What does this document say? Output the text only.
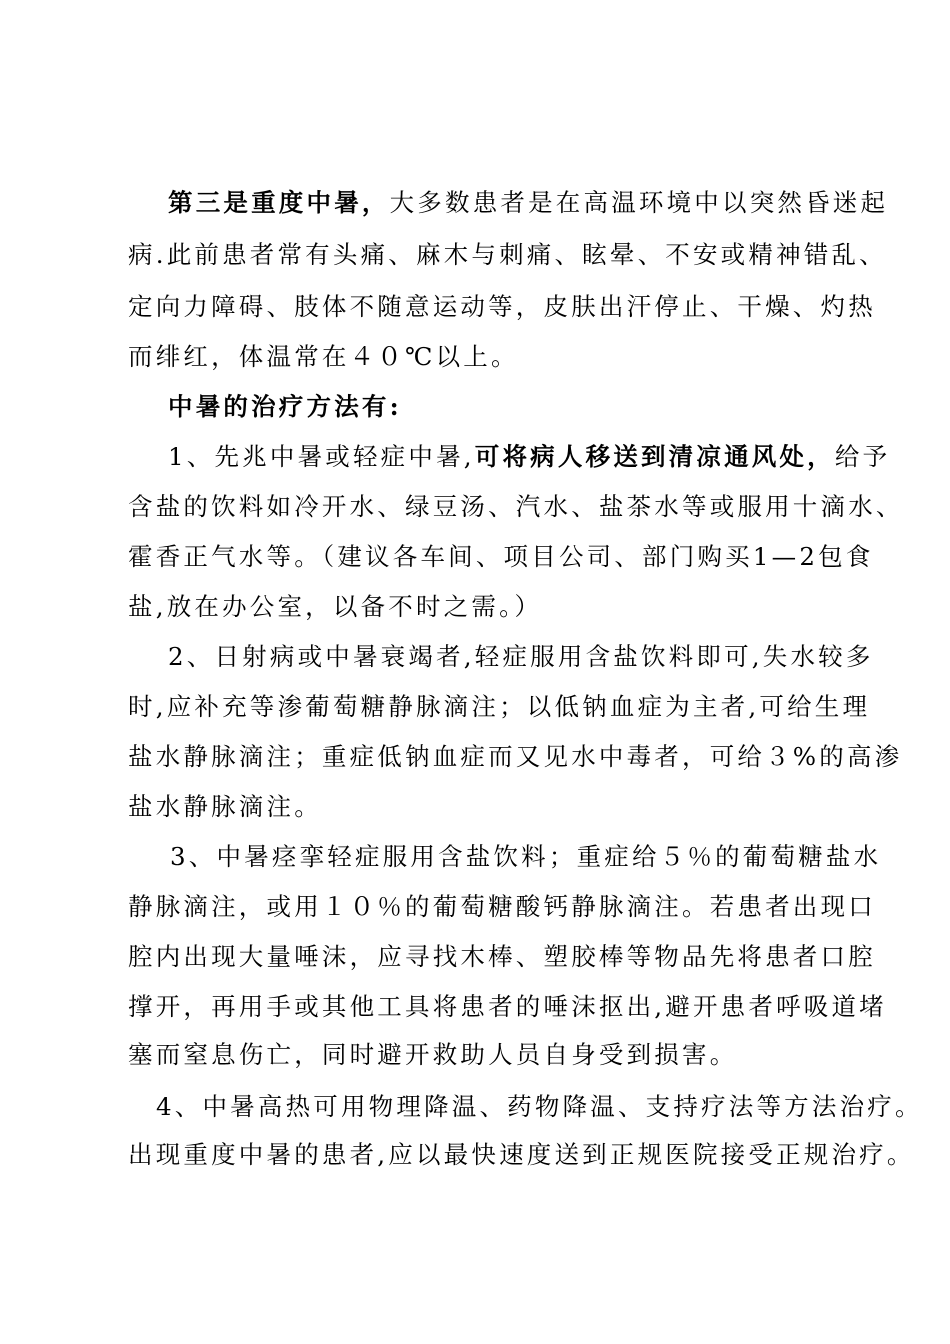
第三是重度中暑，大多数患者是在高温环境中以突然昏迷起
病.此前患者常有头痛、麻木与刺痛、眩晕、不安或精神错乱、
定向力障碍、肢体不随意运动等，皮肤出汗停止、干燥、灼热
而绯红，体温常在４０℃以上。
中暑的治疗方法有:
1、先兆中暑或轻症中暑,可将病人移送到清凉通风处，给予
含盐的饮料如冷开水、绿豆汤、汽水、盐茶水等或服用十滴水、
霍香正气水等。（建议各车间、项目公司、部门购买1—2包食
盐,放在办公室，以备不时之需。）
2、日射病或中暑衰竭者,轻症服用含盐饮料即可,失水较多
时,应补充等渗葡萄糖静脉滴注；以低钠血症为主者,可给生理
盐水静脉滴注；重症低钠血症而又见水中毒者，可给３%的高渗
盐水静脉滴注。
3、中暑痉挛轻症服用含盐饮料；重症给５％的葡萄糖盐水
静脉滴注，或用１０％的葡萄糖酸钙静脉滴注。若患者出现口
腔内出现大量唾沫，应寻找木棒、塑胶棒等物品先将患者口腔
撑开，再用手或其他工具将患者的唾沫抠出,避开患者呼吸道堵
塞而窒息伤亡，同时避开救助人员自身受到损害。
4、中暑高热可用物理降温、药物降温、支持疗法等方法治疗。
出现重度中暑的患者,应以最快速度送到正规医院接受正规治疗。
